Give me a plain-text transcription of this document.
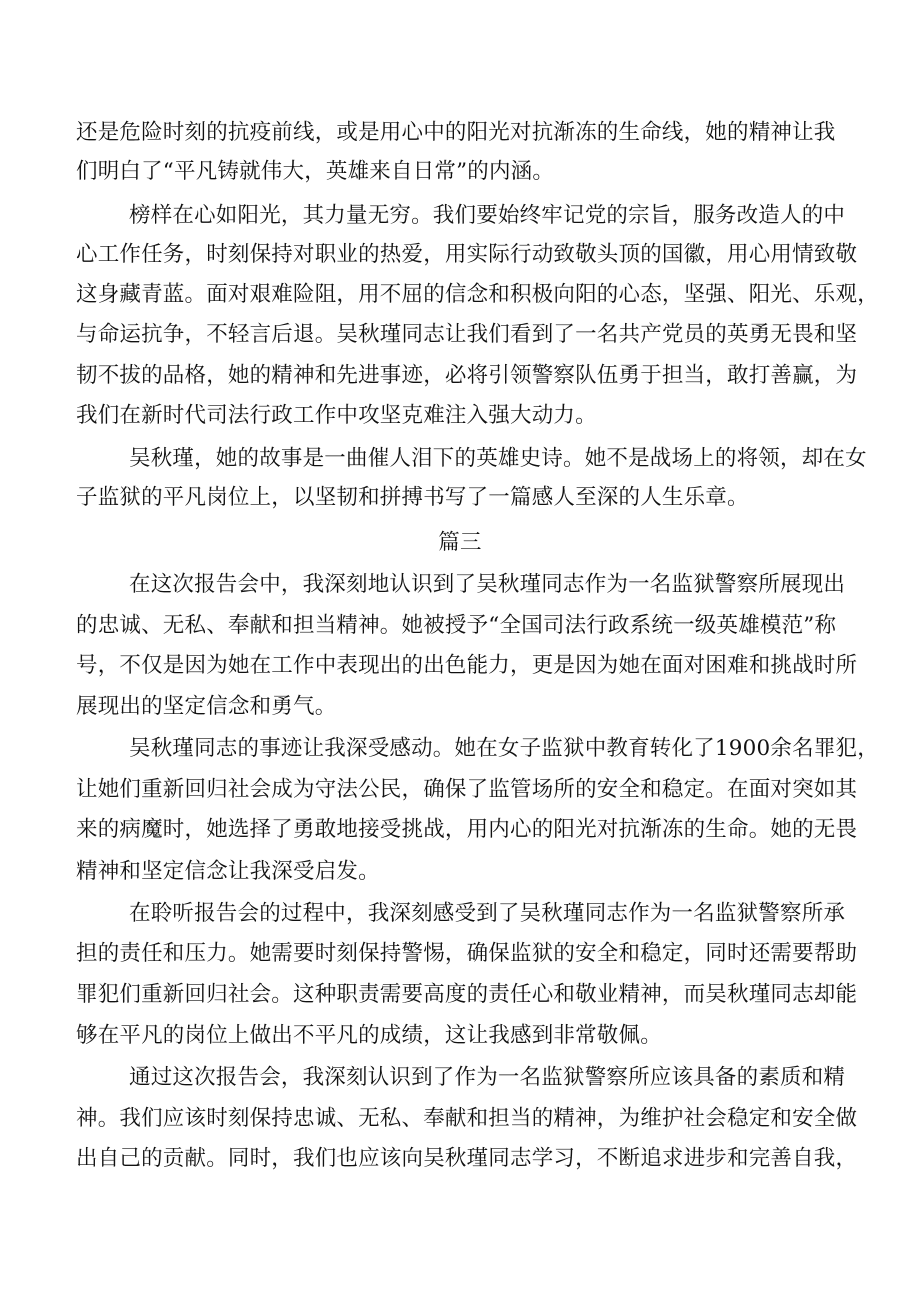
还是危险时刻的抗疫前线，或是用心中的阳光对抗渐冻的生命线，她的精神让我
们明白了“平凡铸就伟大，英雄来自日常”的内涵。
榜样在心如阳光，其力量无穷。我们要始终牢记党的宗旨，服务改造人的中
心工作任务，时刻保持对职业的热爱，用实际行动致敬头顶的国徽，用心用情致敬
这身藏青蓝。面对艰难险阻，用不屈的信念和积极向阳的心态，坚强、阳光、乐观，
与命运抗争，不轻言后退。吴秋瑾同志让我们看到了一名共产党员的英勇无畏和坚
韧不拔的品格，她的精神和先进事迹，必将引领警察队伍勇于担当，敢打善赢，为
我们在新时代司法行政工作中攻坚克难注入强大动力。
吴秋瑾，她的故事是一曲催人泪下的英雄史诗。她不是战场上的将领，却在女
子监狱的平凡岗位上，以坚韧和拼搏书写了一篇感人至深的人生乐章。
篇三
在这次报告会中，我深刻地认识到了吴秋瑾同志作为一名监狱警察所展现出
的忠诚、无私、奉献和担当精神。她被授予“全国司法行政系统一级英雄模范”称
号，不仅是因为她在工作中表现出的出色能力，更是因为她在面对困难和挑战时所
展现出的坚定信念和勇气。
吴秋瑾同志的事迹让我深受感动。她在女子监狱中教育转化了1900余名罪犯，
让她们重新回归社会成为守法公民，确保了监管场所的安全和稳定。在面对突如其
来的病魔时，她选择了勇敢地接受挑战，用内心的阳光对抗渐冻的生命。她的无畏
精神和坚定信念让我深受启发。
在聆听报告会的过程中，我深刻感受到了吴秋瑾同志作为一名监狱警察所承
担的责任和压力。她需要时刻保持警惕，确保监狱的安全和稳定，同时还需要帮助
罪犯们重新回归社会。这种职责需要高度的责任心和敬业精神，而吴秋瑾同志却能
够在平凡的岗位上做出不平凡的成绩，这让我感到非常敬佩。
通过这次报告会，我深刻认识到了作为一名监狱警察所应该具备的素质和精
神。我们应该时刻保持忠诚、无私、奉献和担当的精神，为维护社会稳定和安全做
出自己的贡献。同时，我们也应该向吴秋瑾同志学习，不断追求进步和完善自我，
